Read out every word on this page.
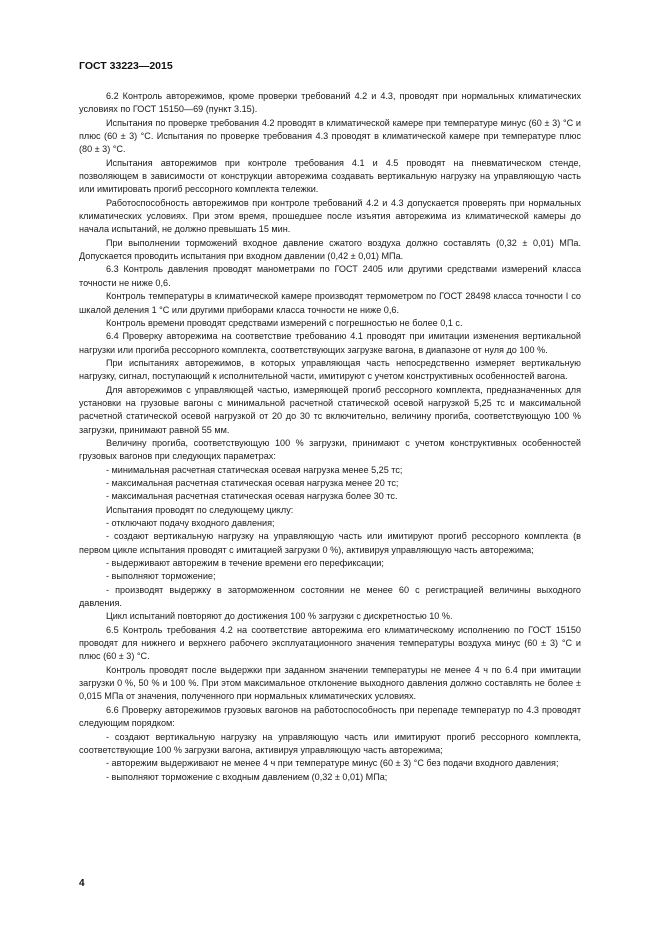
ГОСТ 33223—2015

6.2 Контроль авторежимов, кроме проверки требований 4.2 и 4.3, проводят при нормальных климатических условиях по ГОСТ 15150—69 (пункт 3.15).

Испытания по проверке требования 4.2 проводят в климатической камере при температуре минус (60 ± 3) °C и плюс (60 ± 3) °C. Испытания по проверке требования 4.3 проводят в климатической камере при температуре плюс (80 ± 3) °C.

Испытания авторежимов при контроле требования 4.1 и 4.5 проводят на пневматическом стенде, позволяющем в зависимости от конструкции авторежима создавать вертикальную нагрузку на управляющую часть или имитировать прогиб рессорного комплекта тележки.

Работоспособность авторежимов при контроле требований 4.2 и 4.3 допускается проверять при нормальных климатических условиях. При этом время, прошедшее после изъятия авторежима из климатической камеры до начала испытаний, не должно превышать 15 мин.

При выполнении торможений входное давление сжатого воздуха должно составлять (0,32 ± 0,01) МПа. Допускается проводить испытания при входном давлении (0,42 ± 0,01) МПа.

6.3 Контроль давления проводят манометрами по ГОСТ 2405 или другими средствами измерений класса точности не ниже 0,6.

Контроль температуры в климатической камере производят термометром по ГОСТ 28498 класса точности I со шкалой деления 1 °C или другими приборами класса точности не ниже 0,6.

Контроль времени проводят средствами измерений с погрешностью не более 0,1 с.

6.4 Проверку авторежима на соответствие требованию 4.1 проводят при имитации изменения вертикальной нагрузки или прогиба рессорного комплекта, соответствующих загрузке вагона, в диапазоне от нуля до 100 %.

При испытаниях авторежимов, в которых управляющая часть непосредственно измеряет вертикальную нагрузку, сигнал, поступающий к исполнительной части, имитируют с учетом конструктивных особенностей вагона.

Для авторежимов с управляющей частью, измеряющей прогиб рессорного комплекта, предназначенных для установки на грузовые вагоны с минимальной расчетной статической осевой нагрузкой 5,25 тс и максимальной расчетной статической осевой нагрузкой от 20 до 30 тс включительно, величину прогиба, соответствующую 100 % загрузки, принимают равной 55 мм.

Величину прогиба, соответствующую 100 % загрузки, принимают с учетом конструктивных особенностей грузовых вагонов при следующих параметрах:

- минимальная расчетная статическая осевая нагрузка менее 5,25 тс;

- максимальная расчетная статическая осевая нагрузка менее 20 тс;

- максимальная расчетная статическая осевая нагрузка более 30 тс.

Испытания проводят по следующему циклу:

- отключают подачу входного давления;

- создают вертикальную нагрузку на управляющую часть или имитируют прогиб рессорного комплекта (в первом цикле испытания проводят с имитацией загрузки 0 %), активируя управляющую часть авторежима;

- выдерживают авторежим в течение времени его перефиксации;

- выполняют торможение;

- производят выдержку в заторможенном состоянии не менее 60 с регистрацией величины выходного давления.

Цикл испытаний повторяют до достижения 100 % загрузки с дискретностью 10 %.

6.5 Контроль требования 4.2 на соответствие авторежима его климатическому исполнению по ГОСТ 15150 проводят для нижнего и верхнего рабочего эксплуатационного значения температуры воздуха минус (60 ± 3) °C и плюс (60 ± 3) °C.

Контроль проводят после выдержки при заданном значении температуры не менее 4 ч по 6.4 при имитации загрузки 0 %, 50 % и 100 %. При этом максимальное отклонение выходного давления должно составлять не более ± 0,015 МПа от значения, полученного при нормальных климатических условиях.

6.6 Проверку авторежимов грузовых вагонов на работоспособность при перепаде температур по 4.3 проводят следующим порядком:

- создают вертикальную нагрузку на управляющую часть или имитируют прогиб рессорного комплекта, соответствующие 100 % загрузки вагона, активируя управляющую часть авторежима;

- авторежим выдерживают не менее 4 ч при температуре минус (60 ± 3) °C без подачи входного давления;

- выполняют торможение с входным давлением (0,32 ± 0,01) МПа;

4
